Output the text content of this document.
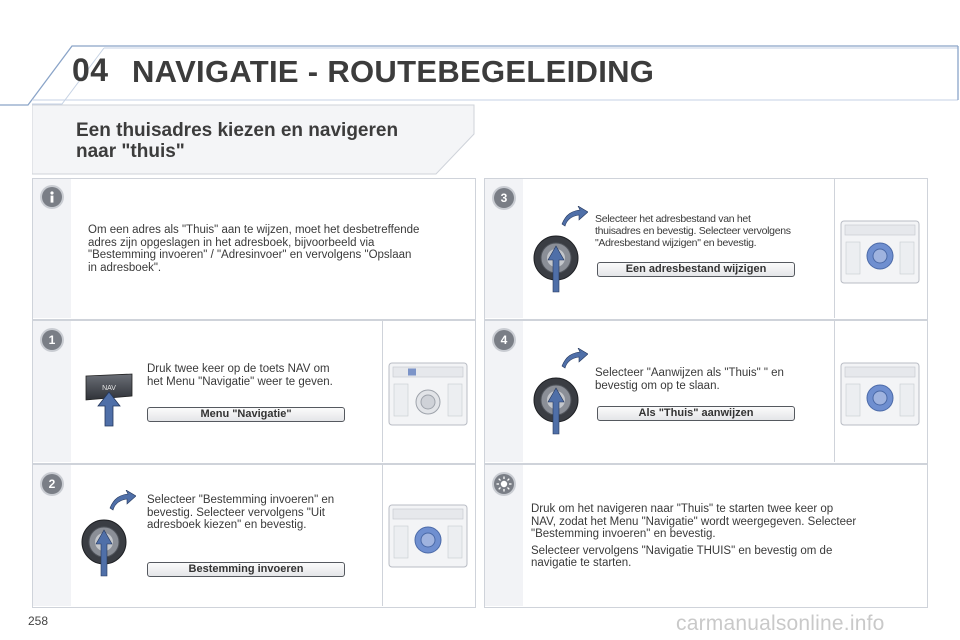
04 NAVIGATIE - ROUTEBEGELEIDING
Een thuisadres kiezen en navigeren
naar "thuis"
Om een adres als "Thuis" aan te wijzen, moet het desbetreffende
adres zijn opgeslagen in het adresboek, bijvoorbeeld via
"Bestemming invoeren" / "Adresinvoer" en vervolgens "Opslaan
in adresboek".
1
NAV
Druk twee keer op de toets NAV om
het Menu "Navigatie" weer te geven.
Menu "Navigatie"
2
Selecteer "Bestemming invoeren" en
bevestig. Selecteer vervolgens "Uit
adresboek kiezen" en bevestig.
Bestemming invoeren
3
Selecteer het adresbestand van het
thuisadres en bevestig. Selecteer vervolgens
"Adresbestand wijzigen" en bevestig.
Een adresbestand wijzigen
4
Selecteer "Aanwijzen als "Thuis" " en
bevestig om op te slaan.
Als "Thuis" aanwijzen
Druk om het navigeren naar "Thuis" te starten twee keer op
NAV, zodat het Menu "Navigatie" wordt weergegeven. Selecteer
"Bestemming invoeren" en bevestig.
Selecteer vervolgens "Navigatie THUIS" en bevestig om de
navigatie te starten.
258	carmanualsonline.info
